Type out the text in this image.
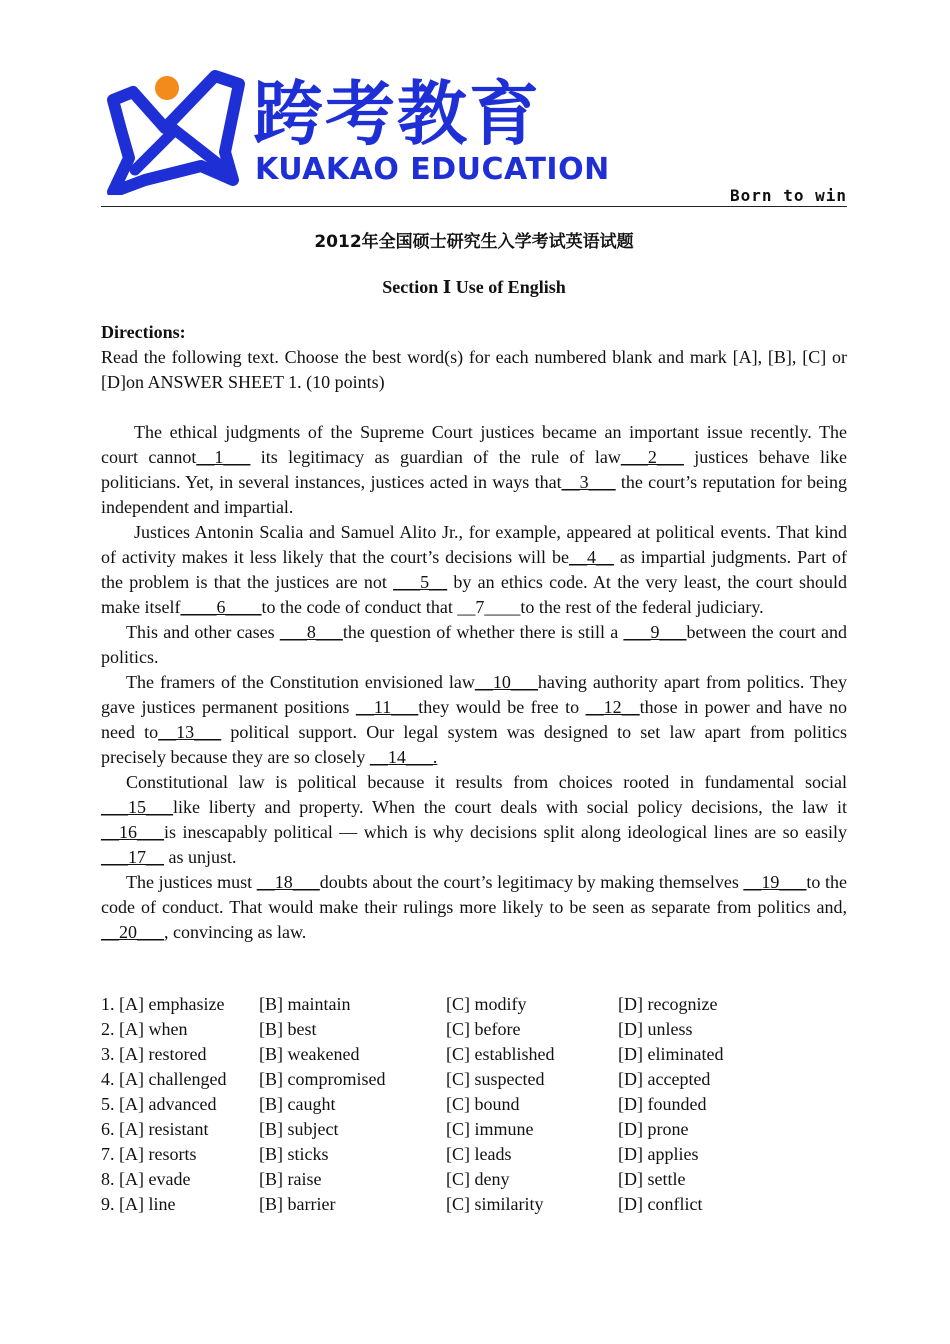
跨考教育
KUAKAO EDUCATION
Born to win
2012年全国硕士研究生入学考试英语试题
Section Ⅰ Use of English

Directions:

Read the following text. Choose the best word(s) for each numbered blank and mark [A], [B], [C] or [D]on ANSWER SHEET 1. (10 points)

The ethical judgments of the Supreme Court justices became an important issue recently. The court cannot__1___ its legitimacy as guardian of the rule of law___2___ justices behave like politicians. Yet, in several instances, justices acted in ways that__3___ the court’s reputation for being independent and impartial.

Justices Antonin Scalia and Samuel Alito Jr., for example, appeared at political events. That kind of activity makes it less likely that the court’s decisions will be__4__ as impartial judgments. Part of the problem is that the justices are not ___5__ by an ethics code. At the very least, the court should make itself____6____to the code of conduct that __7____to the rest of the federal judiciary.

This and other cases ___8___the question of whether there is still a ___9___between the court and politics.

The framers of the Constitution envisioned law__10___having authority apart from politics. They gave justices permanent positions __11___they would be free to __12__those in power and have no need to__13___ political support. Our legal system was designed to set law apart from politics precisely because they are so closely __14___.

Constitutional law is political because it results from choices rooted in fundamental social ___15___like liberty and property. When the court deals with social policy decisions, the law it __16___is inescapably political — which is why decisions split along ideological lines are so easily ___17__ as unjust.

The justices must __18___doubts about the court’s legitimacy by making themselves __19___to the code of conduct. That would make their rulings more likely to be seen as separate from politics and, __20___, convincing as law.

1. [A] emphasize	[B] maintain	[C] modify	[D] recognize
2. [A] when	[B] best	[C] before	[D] unless
3. [A] restored	[B] weakened	[C] established	[D] eliminated
4. [A] challenged	[B] compromised	[C] suspected	[D] accepted
5. [A] advanced	[B] caught	[C] bound	[D] founded
6. [A] resistant	[B] subject	[C] immune	[D] prone
7. [A] resorts	[B] sticks	[C] leads	[D] applies
8. [A] evade	[B] raise	[C] deny	[D] settle
9. [A] line	[B] barrier	[C] similarity	[D] conflict
